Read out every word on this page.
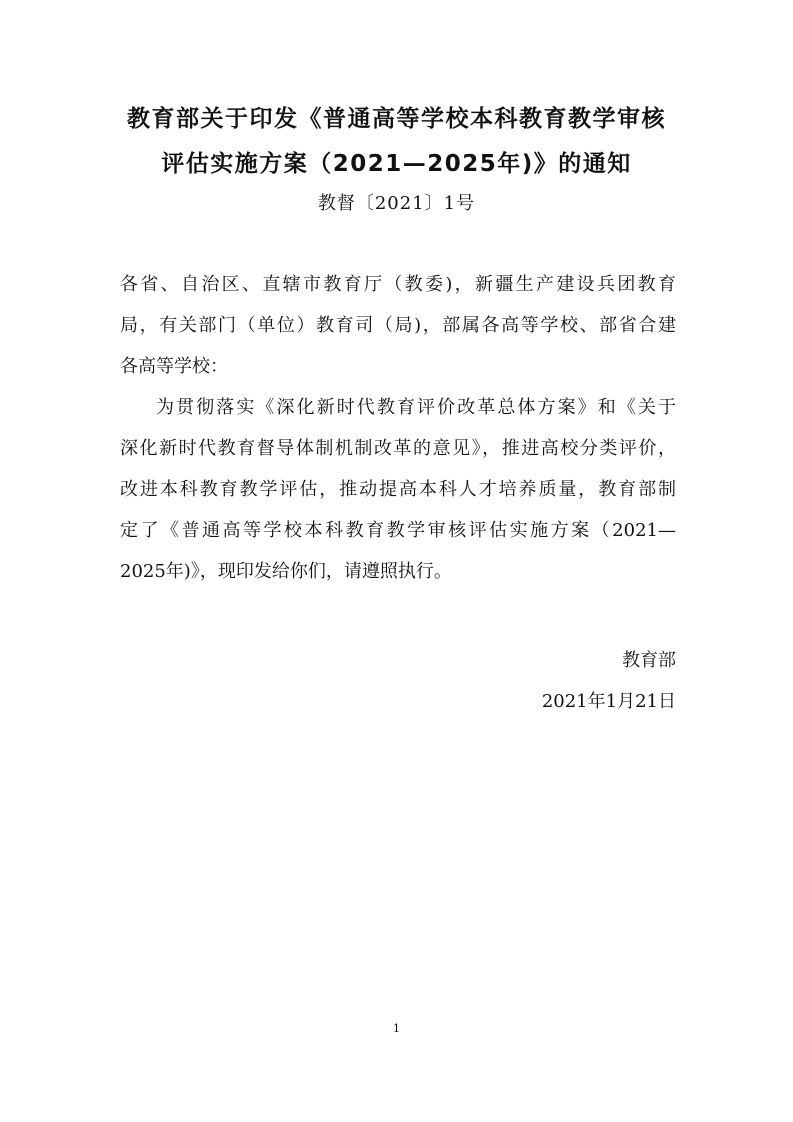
教育部关于印发《普通高等学校本科教育教学审核
评估实施方案（2021—2025年)》的通知
教督〔2021〕1号
各省、自治区、直辖市教育厅（教委)，新疆生产建设兵团教育
局，有关部门（单位）教育司（局)，部属各高等学校、部省合建
各高等学校：
为贯彻落实《深化新时代教育评价改革总体方案》和《关于
深化新时代教育督导体制机制改革的意见》，推进高校分类评价，
改进本科教育教学评估，推动提高本科人才培养质量，教育部制
定了《普通高等学校本科教育教学审核评估实施方案（2021—
2025年)》，现印发给你们，请遵照执行。
教育部
2021年1月21日
1
